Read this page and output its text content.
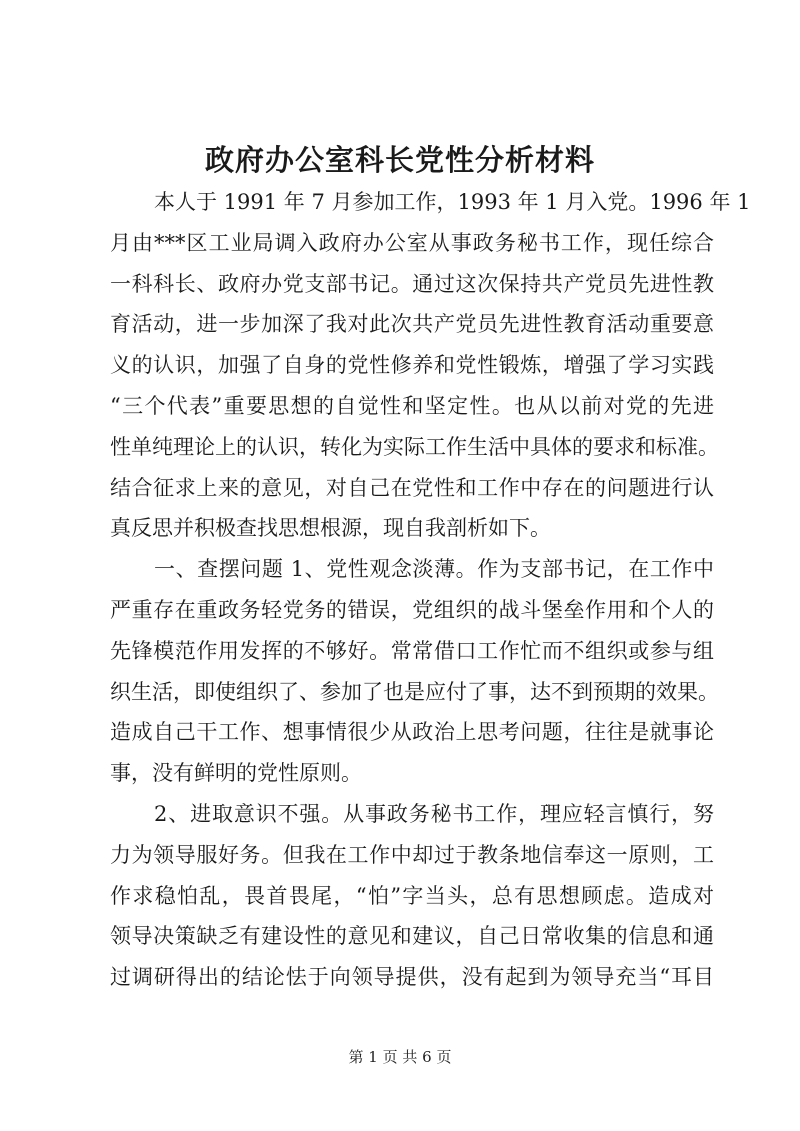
政府办公室科长党性分析材料
本人于 1991 年 7 月参加工作，1993 年 1 月入党。1996 年 1
月由***区工业局调入政府办公室从事政务秘书工作，现任综合
一科科长、政府办党支部书记。通过这次保持共产党员先进性教
育活动，进一步加深了我对此次共产党员先进性教育活动重要意
义的认识，加强了自身的党性修养和党性锻炼，增强了学习实践
“三个代表”重要思想的自觉性和坚定性。也从以前对党的先进
性单纯理论上的认识，转化为实际工作生活中具体的要求和标准。
结合征求上来的意见，对自己在党性和工作中存在的问题进行认
真反思并积极查找思想根源，现自我剖析如下。
一、查摆问题 1、党性观念淡薄。作为支部书记，在工作中
严重存在重政务轻党务的错误，党组织的战斗堡垒作用和个人的
先锋模范作用发挥的不够好。常常借口工作忙而不组织或参与组
织生活，即使组织了、参加了也是应付了事，达不到预期的效果。
造成自己干工作、想事情很少从政治上思考问题，往往是就事论
事，没有鲜明的党性原则。
2、进取意识不强。从事政务秘书工作，理应轻言慎行，努
力为领导服好务。但我在工作中却过于教条地信奉这一原则，工
作求稳怕乱，畏首畏尾，“怕”字当头，总有思想顾虑。造成对
领导决策缺乏有建设性的意见和建议，自己日常收集的信息和通
过调研得出的结论怯于向领导提供，没有起到为领导充当“耳目
第 1 页 共 6 页
